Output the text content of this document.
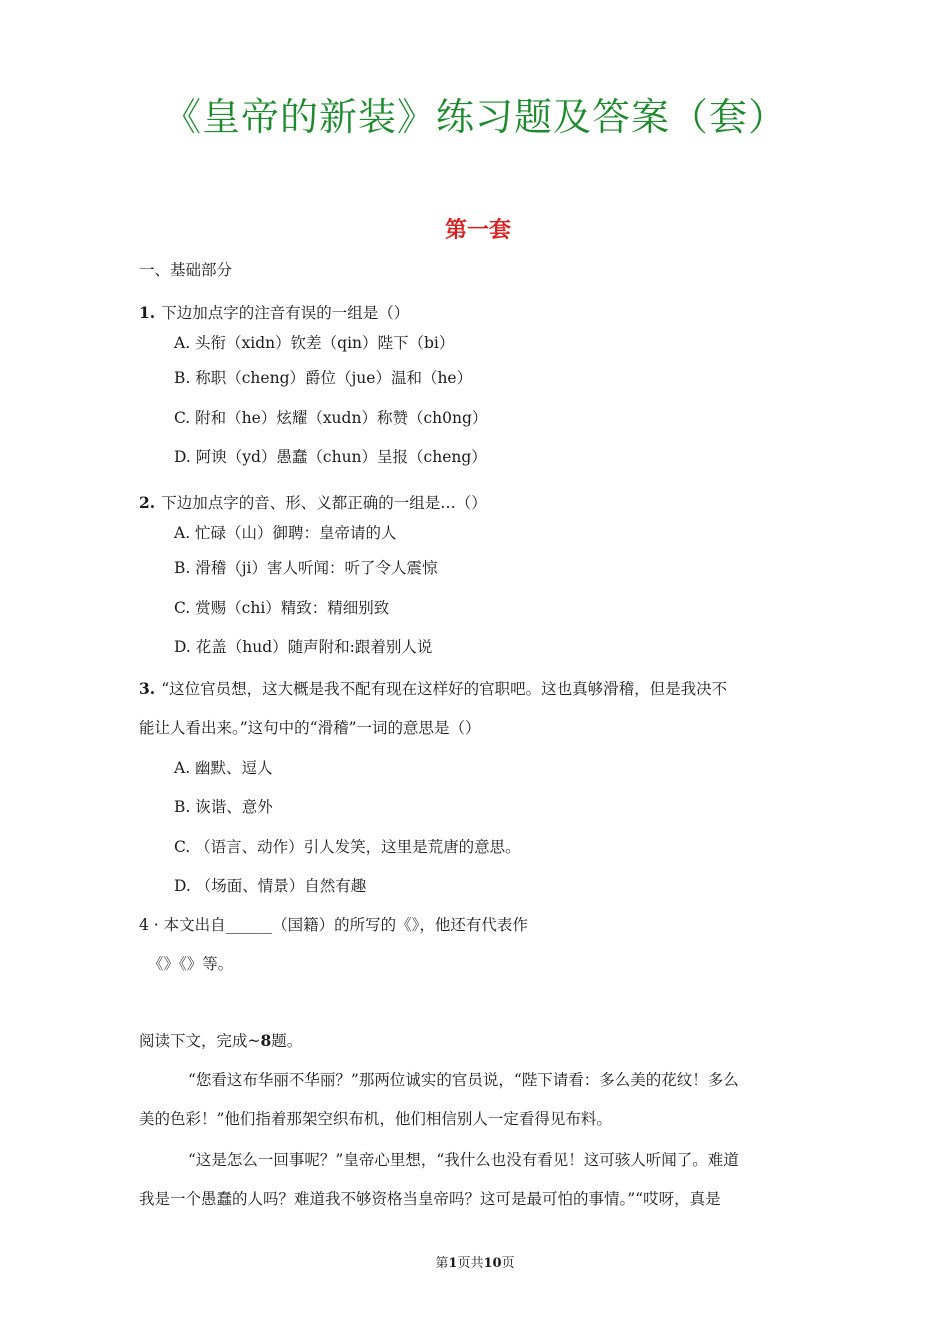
《皇帝的新装》练习题及答案（套）
第一套
一、基础部分
1. 下边加点字的注音有误的一组是（）
A. 头衔（xidn）钦差（qin）陛下（bi）
B. 称职（cheng）爵位（jue）温和（he）
C. 附和（he）炫耀（xudn）称赞（ch0ng）
D. 阿谀（yd）愚蠢（chun）呈报（cheng）
2. 下边加点字的音、形、义都正确的一组是…（）
A. 忙碌（山）御聘：皇帝请的人
B. 滑稽（ji）害人听闻：听了令人震惊
C. 赏赐（chi）精致：精细别致
D. 花盖（hud）随声附和:跟着别人说
3. “这位官员想，这大概是我不配有现在这样好的官职吧。这也真够滑稽，但是我决不
能让人看出来。”这句中的“滑稽”一词的意思是（）
A. 幽默、逗人
B. 诙谐、意外
C. （语言、动作）引人发笑，这里是荒唐的意思。
D. （场面、情景）自然有趣
4 · 本文出自______（国籍）的所写的《》，他还有代表作
《》《》等。
阅读下文，完成~8题。
“您看这布华丽不华丽？”那两位诚实的官员说，“陛下请看：多么美的花纹！多么
美的色彩！”他们指着那架空织布机，他们相信别人一定看得见布料。
“这是怎么一回事呢？”皇帝心里想，“我什么也没有看见！这可骇人听闻了。难道
我是一个愚蠢的人吗？难道我不够资格当皇帝吗？这可是最可怕的事情。”“哎呀，真是
第1页共10页
